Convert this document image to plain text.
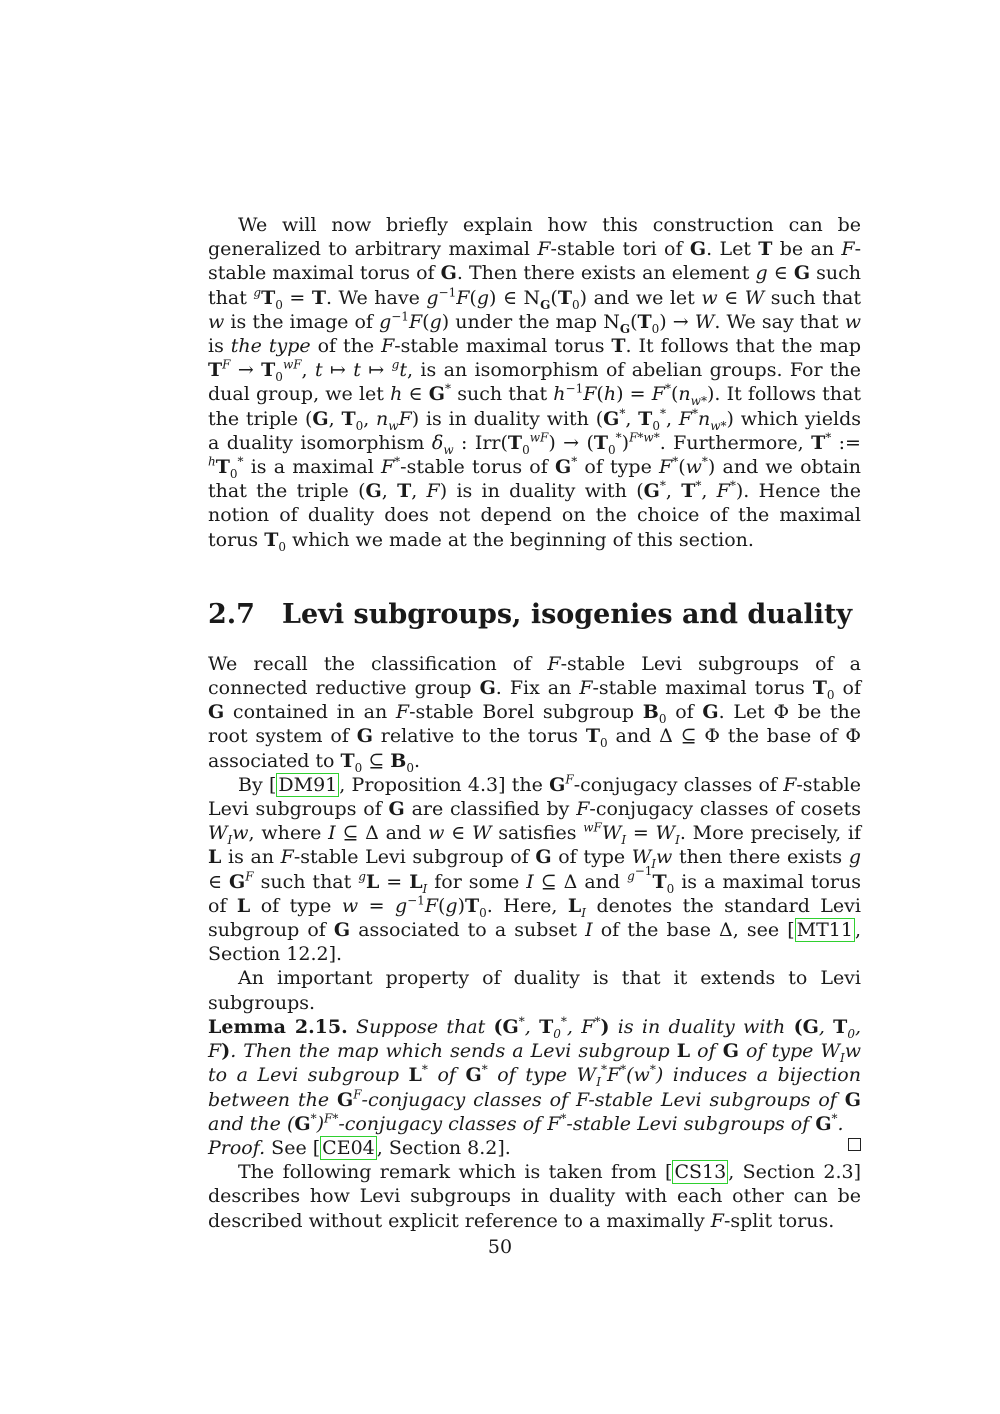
We will now briefly explain how this construction can be generalized to arbitrary maximal F-stable tori of G. Let T be an F-stable maximal torus of G. Then there exists an element g ∈ G such that $^gT_0 = T$. We have $g^{-1}F(g)$ ∈ $N_G(T_0)$ and we let w ∈ W such that w is the image of $g^{-1}F(g)$ under the map $N_G(T_0) \to W$. We say that w is the type of the F-stable maximal torus T. It follows that the map $T^F \to T_0^{wF}$, t ↦ t ↦ $^g$t, is an isomorphism of abelian groups. For the dual group, we let h ∈ G* such that $h^{-1}F(h) = F^*(n_{w*})$. It follows that the triple (G, $T_0$, $n_wF$) is in duality with (G*, $T_0^*$, $F^*n_{w*}$) which yields a duality isomorphism $\delta_w$ : $Irr(T_0^{wF}) \to (T_0^*)^{F*w*}$. Furthermore, T* := $^hT_0^*$ is a maximal F*-stable torus of G* of type F*(w*) and we obtain that the triple (G, T, F) is in duality with (G*, T*, F*). Hence the notion of duality does not depend on the choice of the maximal torus $T_0$ which we made at the beginning of this section.

2.7 Levi subgroups, isogenies and duality

We recall the classification of F-stable Levi subgroups of a connected reductive group G. Fix an F-stable maximal torus $T_0$ of G contained in an F-stable Borel subgroup $B_0$ of G. Let Φ be the root system of G relative to the torus $T_0$ and Δ ⊆ Φ the base of Φ associated to $T_0$ ⊆ $B_0$.

By [ DM91 , Proposition 4.3] the $G^F$-conjugacy classes of F-stable Levi subgroups of G are classified by F-conjugacy classes of cosets $W_Iw$, where I ⊆ Δ and w ∈ W satisfies $^{wF}W_I = W_I$. More precisely, if L is an F-stable Levi subgroup of G of type $W_Iw$ then there exists g ∈ $G^F$ such that $^gL = L_I$ for some I ⊆ Δ and $^{g^{-1}}T_0$ is a maximal torus of L of type $w = g^{-1}F(g)T_0$. Here, $L_I$ denotes the standard Levi subgroup of G associated to a subset I of the base Δ, see [ MT11 , Section 12.2].

An important property of duality is that it extends to Levi subgroups.

Lemma 2.15. Suppose that (G*, $T_0^*$, F*) is in duality with (G, $T_0$, F). Then the map which sends a Levi subgroup L of G of type $W_Iw$ to a Levi subgroup L* of G* of type $W_I^*F^*(w^*)$ induces a bijection between the $G^F$-conjugacy classes of F-stable Levi subgroups of G and the $(G^*)^{F*}$-conjugacy classes of F*-stable Levi subgroups of G*.

Proof. See [ CE04 , Section 8.2].

The following remark which is taken from [ CS13 , Section 2.3] describes how Levi subgroups in duality with each other can be described without explicit reference to a maximally F-split torus.

50
